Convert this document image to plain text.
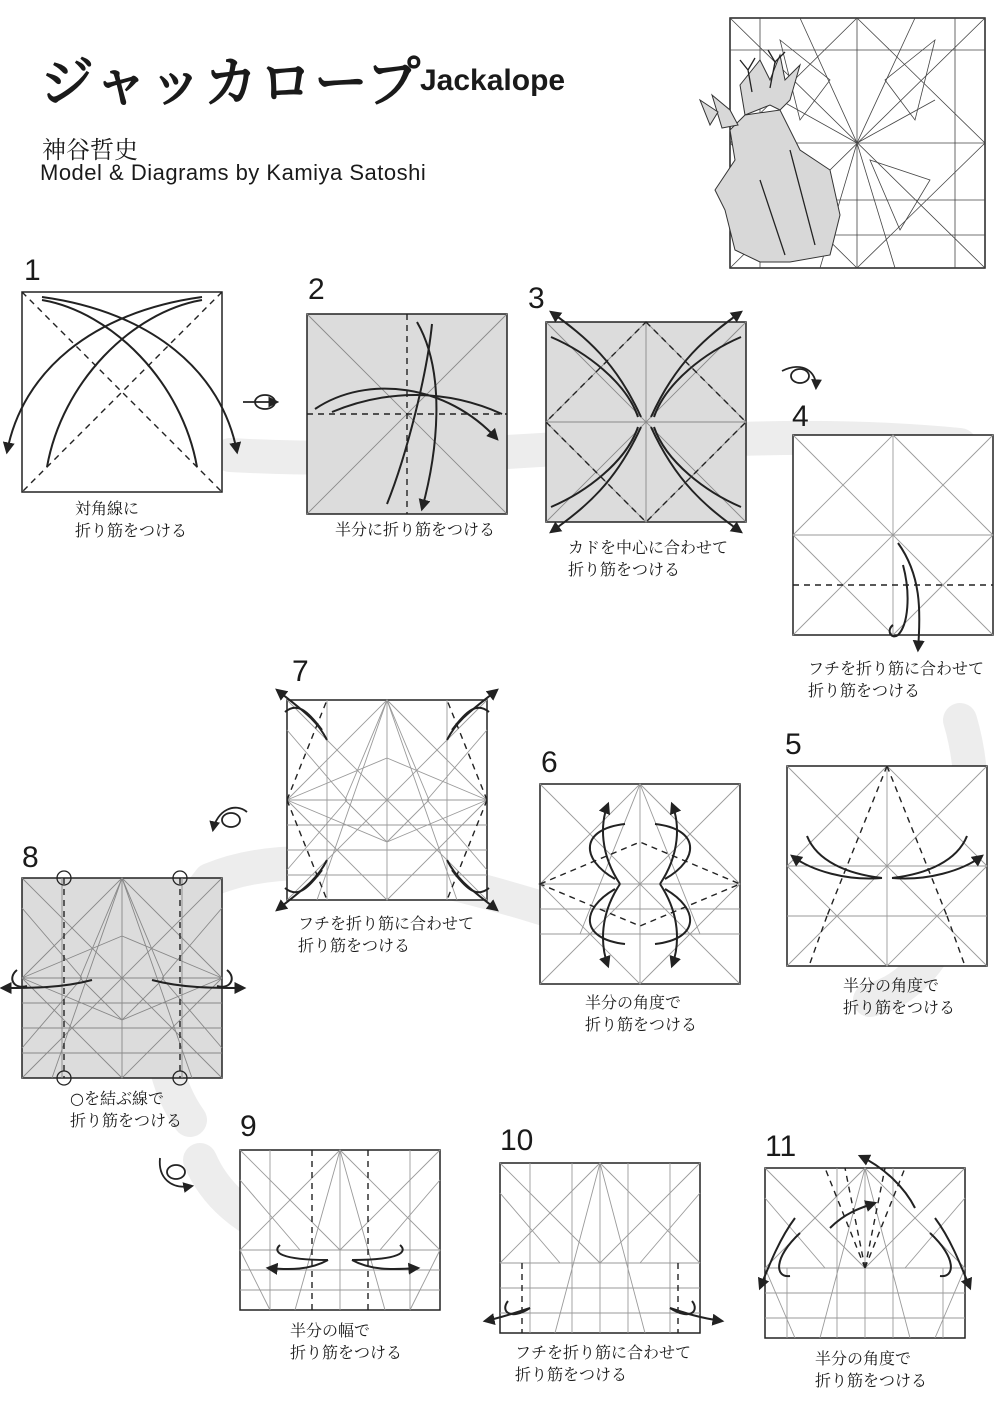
ジャッカロープ
Jackalope
神谷哲史
Model & Diagrams by Kamiya Satoshi
1
2	3
4
5
6
7
8
9	10	11
対角線に
折り筋をつける	半分に折り筋をつける
カドを中心に合わせて
折り筋をつける
フチを折り筋に合わせて
折り筋をつける
半分の角度で
折り筋をつける
半分の角度で
折り筋をつける
フチを折り筋に合わせて
折り筋をつける
○を結ぶ線で
折り筋をつける
半分の幅で
折り筋をつける	フチを折り筋に合わせて
折り筋をつける
半分の角度で
折り筋をつける
